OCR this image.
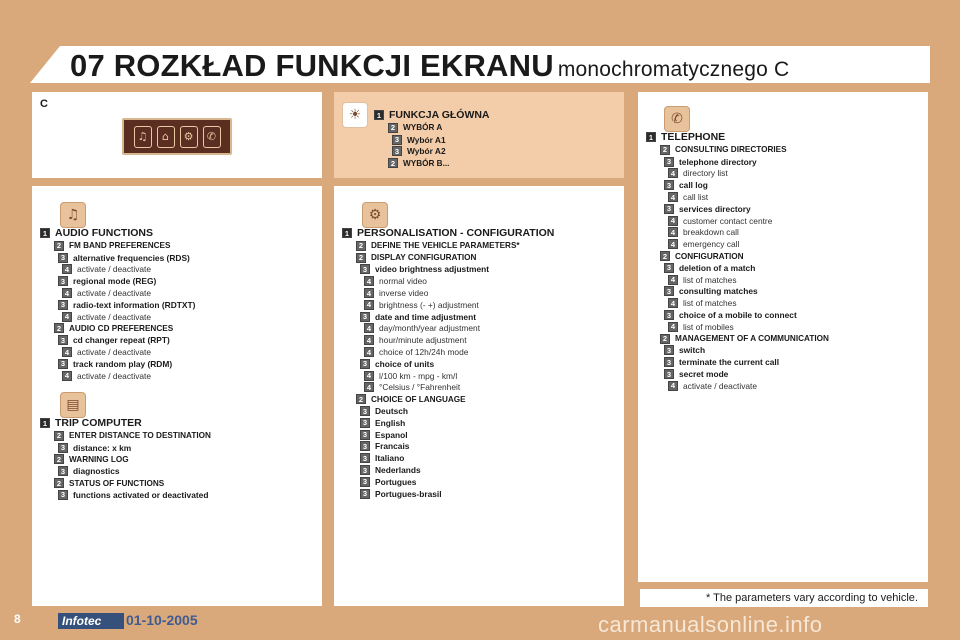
07 ROZKŁAD FUNKCJI EKRANU monochromatycznego C
C
♫	⌂	⚙	✆
☀	1 FUNKCJA GŁÓWNA
2 WYBÓR A
3 Wybór A1
3 Wybór A2
2 WYBÓR B...
♫
1 AUDIO FUNCTIONS
2 FM BAND PREFERENCES
3 alternative frequencies (RDS)
4 activate / deactivate
3 regional mode (REG)
4 activate / deactivate
3 radio-text information (RDTXT)
4 activate / deactivate
2 AUDIO CD PREFERENCES
3 cd changer repeat (RPT)
4 activate / deactivate
3 track random play (RDM)
4 activate / deactivate
▤
1 TRIP COMPUTER
2 ENTER DISTANCE TO DESTINATION
3 distance: x km
2 WARNING LOG
3 diagnostics
2 STATUS OF FUNCTIONS
3 functions activated or deactivated
⚙
1 PERSONALISATION - CONFIGURATION
2 DEFINE THE VEHICLE PARAMETERS*
2 DISPLAY CONFIGURATION
3 video brightness adjustment
4 normal video
4 inverse video
4 brightness (- +) adjustment
3 date and time adjustment
4 day/month/year adjustment
4 hour/minute adjustment
4 choice of 12h/24h mode
3 choice of units
4 l/100 km - mpg - km/l
4 °Celsius / °Fahrenheit
2 CHOICE OF LANGUAGE
3 Deutsch
3 English
3 Espanol
3 Francais
3 Italiano
3 Nederlands
3 Portugues
3 Portugues-brasil
✆
1 TELEPHONE
2 CONSULTING DIRECTORIES
3 telephone directory
4 directory list
3 call log
4 call list
3 services directory
4 customer contact centre
4 breakdown call
4 emergency call
2 CONFIGURATION
3 deletion of a match
4 list of matches
3 consulting matches
4 list of matches
3 choice of a mobile to connect
4 list of mobiles
2 MANAGEMENT OF A COMMUNICATION
3 switch
3 terminate the current call
3 secret mode
4 activate / deactivate
* The parameters vary according to vehicle.
8	Infotec	01-10-2005	carmanualsonline.info
